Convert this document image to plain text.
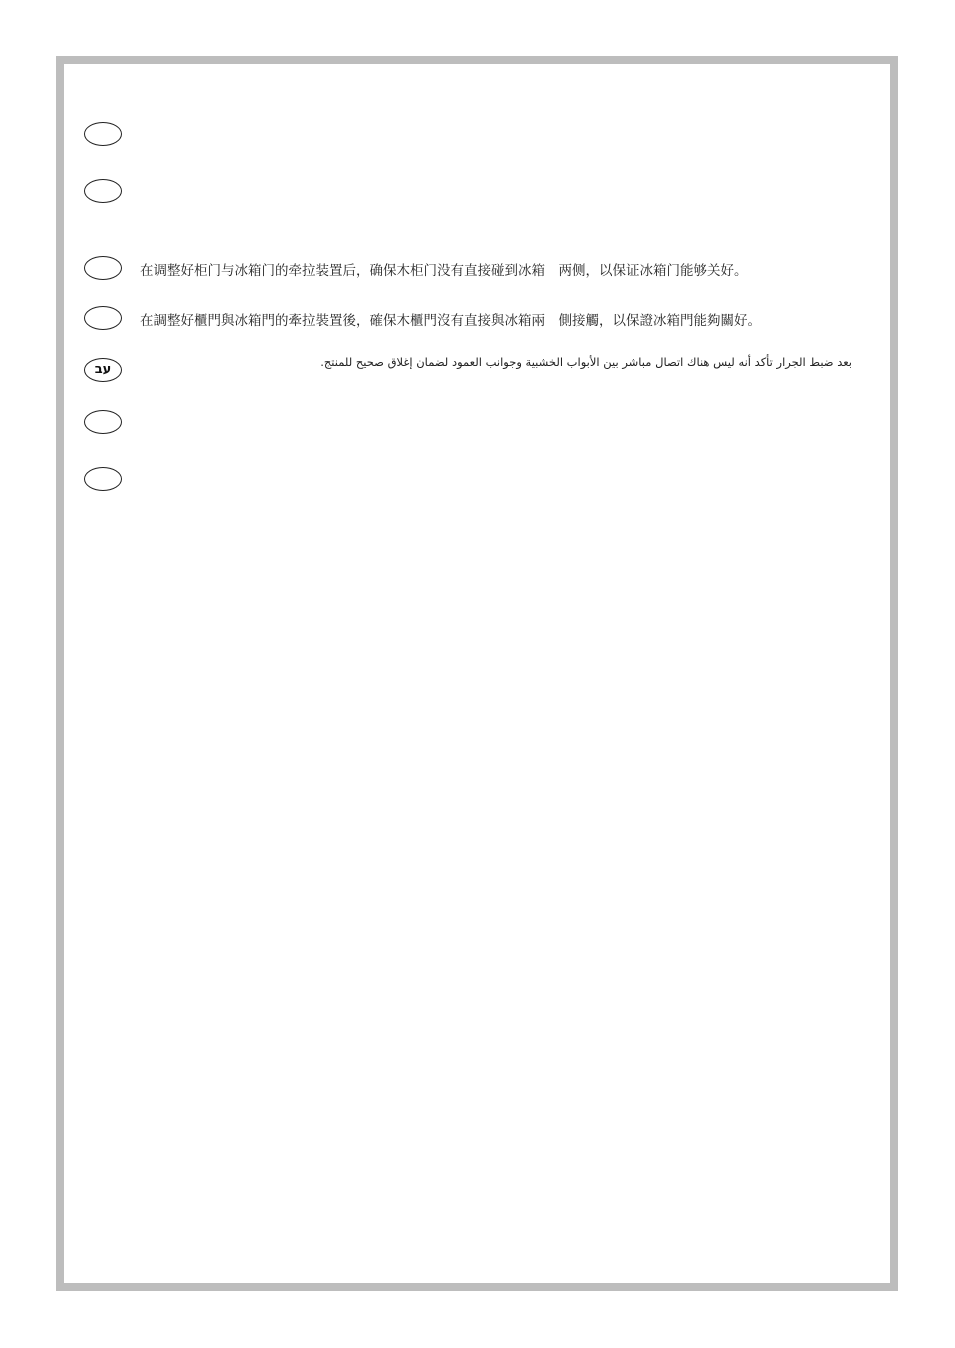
在调整好柜门与冰箱门的牵拉装置后，确保木柜门没有直接碰到冰箱　两侧，以保证冰箱门能够关好。
在調整好櫃門與冰箱門的牽拉裝置後，確保木櫃門沒有直接與冰箱兩　側接觸，以保證冰箱門能夠關好。
עב	بعد ضبط الجرار تأكد أنه ليس هناك اتصال مباشر بين الأبواب الخشبية وجوانب العمود لضمان إغلاق صحيح للمنتج.
